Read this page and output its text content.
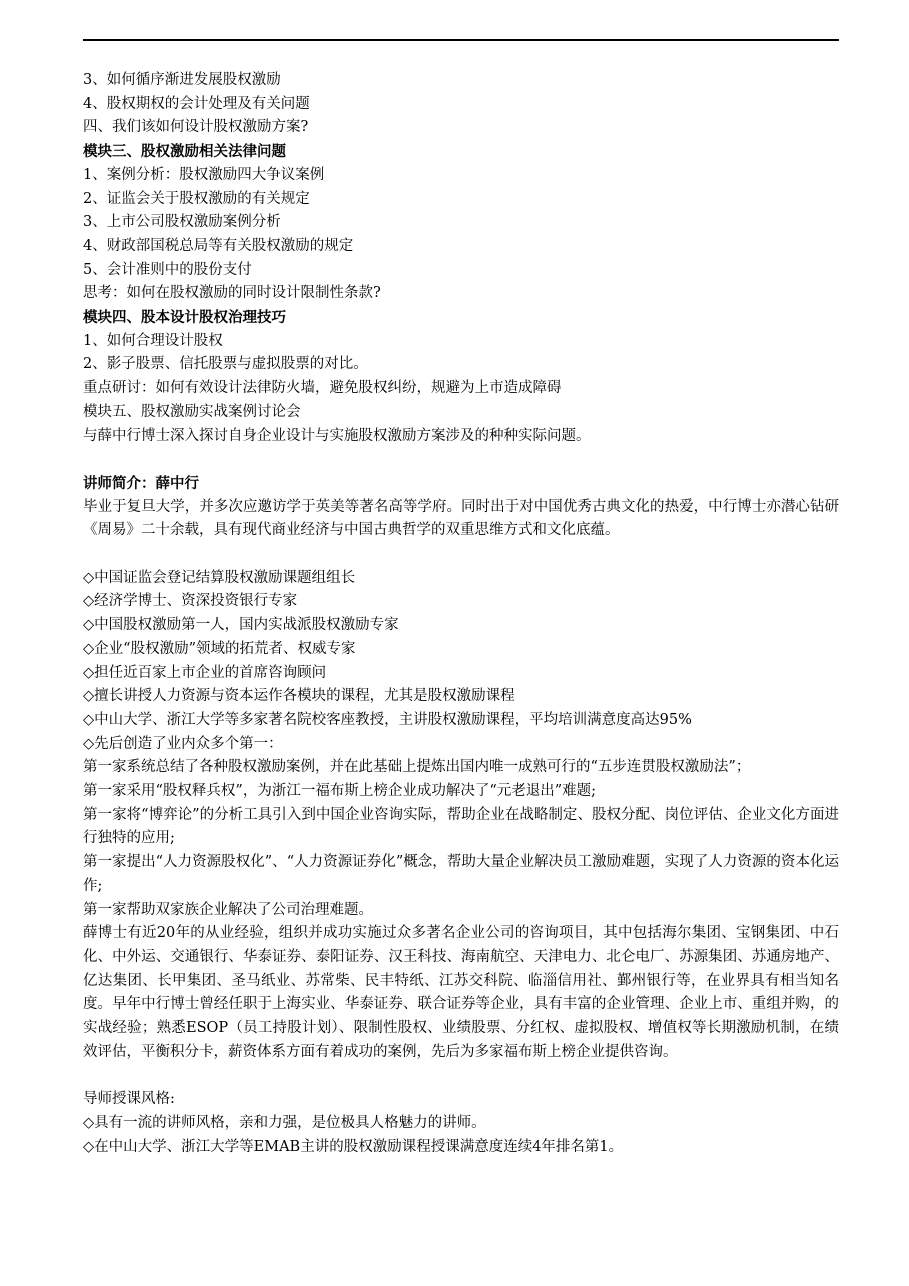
3、如何循序渐进发展股权激励

4、股权期权的会计处理及有关问题

四、我们该如何设计股权激励方案?

模块三、股权激励相关法律问题

1、案例分析：股权激励四大争议案例

2、证监会关于股权激励的有关规定

3、上市公司股权激励案例分析

4、财政部国税总局等有关股权激励的规定

5、会计准则中的股份支付

思考：如何在股权激励的同时设计限制性条款?

模块四、股本设计股权治理技巧

1、如何合理设计股权

2、影子股票、信托股票与虚拟股票的对比。

重点研讨：如何有效设计法律防火墙，避免股权纠纷，规避为上市造成障碍

模块五、股权激励实战案例讨论会

与薛中行博士深入探讨自身企业设计与实施股权激励方案涉及的种种实际问题。

讲师简介：薛中行

毕业于复旦大学，并多次应邀访学于英美等著名高等学府。同时出于对中国优秀古典文化的热爱，中行博士亦潜心钻研《周易》二十余载，具有现代商业经济与中国古典哲学的双重思维方式和文化底蕴。

◇中国证监会登记结算股权激励课题组组长

◇经济学博士、资深投资银行专家

◇中国股权激励第一人，国内实战派股权激励专家

◇企业“股权激励”领域的拓荒者、权威专家

◇担任近百家上市企业的首席咨询顾问

◇擅长讲授人力资源与资本运作各模块的课程，尤其是股权激励课程

◇中山大学、浙江大学等多家著名院校客座教授，主讲股权激励课程，平均培训满意度高达95%

◇先后创造了业内众多个第一：

第一家系统总结了各种股权激励案例，并在此基础上提炼出国内唯一成熟可行的“五步连贯股权激励法”；

第一家采用“股权释兵权”，为浙江一福布斯上榜企业成功解决了“元老退出”难题;

第一家将“博弈论”的分析工具引入到中国企业咨询实际，帮助企业在战略制定、股权分配、岗位评估、企业文化方面进行独特的应用;

第一家提出“人力资源股权化”、“人力资源证券化”概念，帮助大量企业解决员工激励难题，实现了人力资源的资本化运作;

第一家帮助双家族企业解决了公司治理难题。

薛博士有近20年的从业经验，组织并成功实施过众多著名企业公司的咨询项目，其中包括海尔集团、宝钢集团、中石化、中外运、交通银行、华泰证券、泰阳证券、汉王科技、海南航空、天津电力、北仑电厂、苏源集团、苏通房地产、亿达集团、长甲集团、圣马纸业、苏常柴、民丰特纸、江苏交科院、临淄信用社、鄞州银行等，在业界具有相当知名度。早年中行博士曾经任职于上海实业、华泰证券、联合证券等企业，具有丰富的企业管理、企业上市、重组并购，的实战经验；熟悉ESOP（员工持股计划）、限制性股权、业绩股票、分红权、虚拟股权、增值权等长期激励机制，在绩效评估，平衡积分卡，薪资体系方面有着成功的案例，先后为多家福布斯上榜企业提供咨询。

导师授课风格:

◇具有一流的讲师风格，亲和力强，是位极具人格魅力的讲师。

◇在中山大学、浙江大学等EMAB主讲的股权激励课程授课满意度连续4年排名第1。
